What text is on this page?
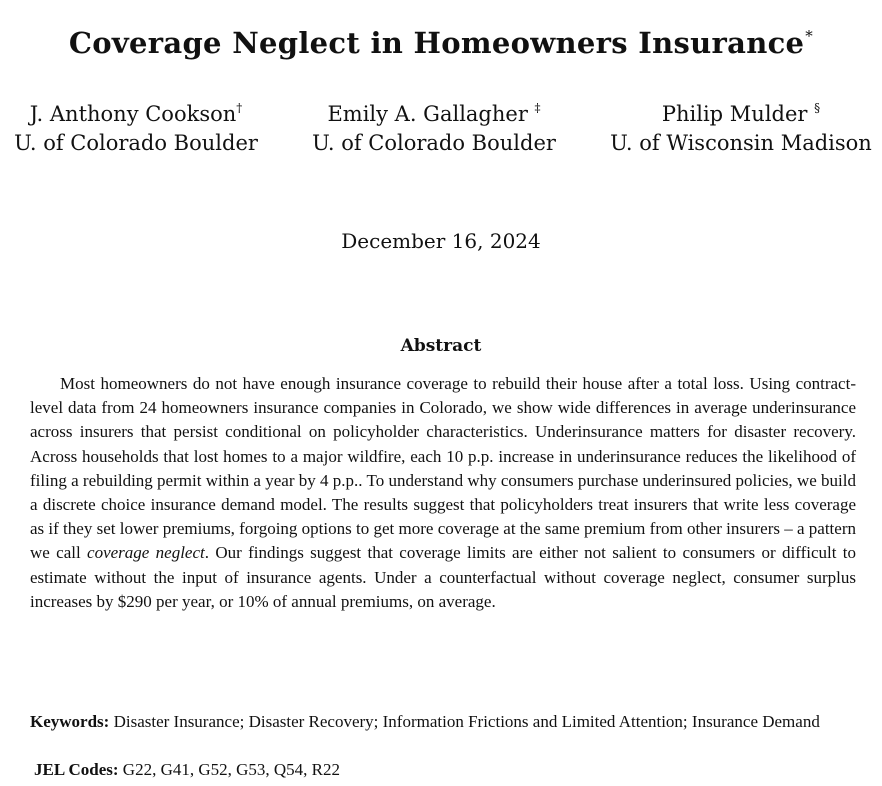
Coverage Neglect in Homeowners Insurance*
J. Anthony Cookson†
U. of Colorado Boulder
Emily A. Gallagher ‡
U. of Colorado Boulder
Philip Mulder §
U. of Wisconsin Madison
December 16, 2024
Abstract

Most homeowners do not have enough insurance coverage to rebuild their house after a total loss. Using contract-level data from 24 homeowners insurance companies in Colorado, we show wide differences in average underinsurance across insurers that persist conditional on policyholder characteristics. Underinsurance matters for disaster recovery. Across households that lost homes to a major wildfire, each 10 p.p. increase in underinsurance reduces the likelihood of filing a rebuilding permit within a year by 4 p.p.. To understand why consumers purchase underinsured policies, we build a discrete choice insurance demand model. The results suggest that policyholders treat insurers that write less coverage as if they set lower premiums, forgoing options to get more coverage at the same premium from other insurers – a pattern we call coverage neglect. Our findings suggest that coverage limits are either not salient to consumers or difficult to estimate without the input of insurance agents. Under a counterfactual without coverage neglect, consumer surplus increases by $290 per year, or 10% of annual premiums, on average.

Keywords: Disaster Insurance; Disaster Recovery; Information Frictions and Limited Attention; Insurance Demand
JEL Codes: G22, G41, G52, G53, Q54, R22
